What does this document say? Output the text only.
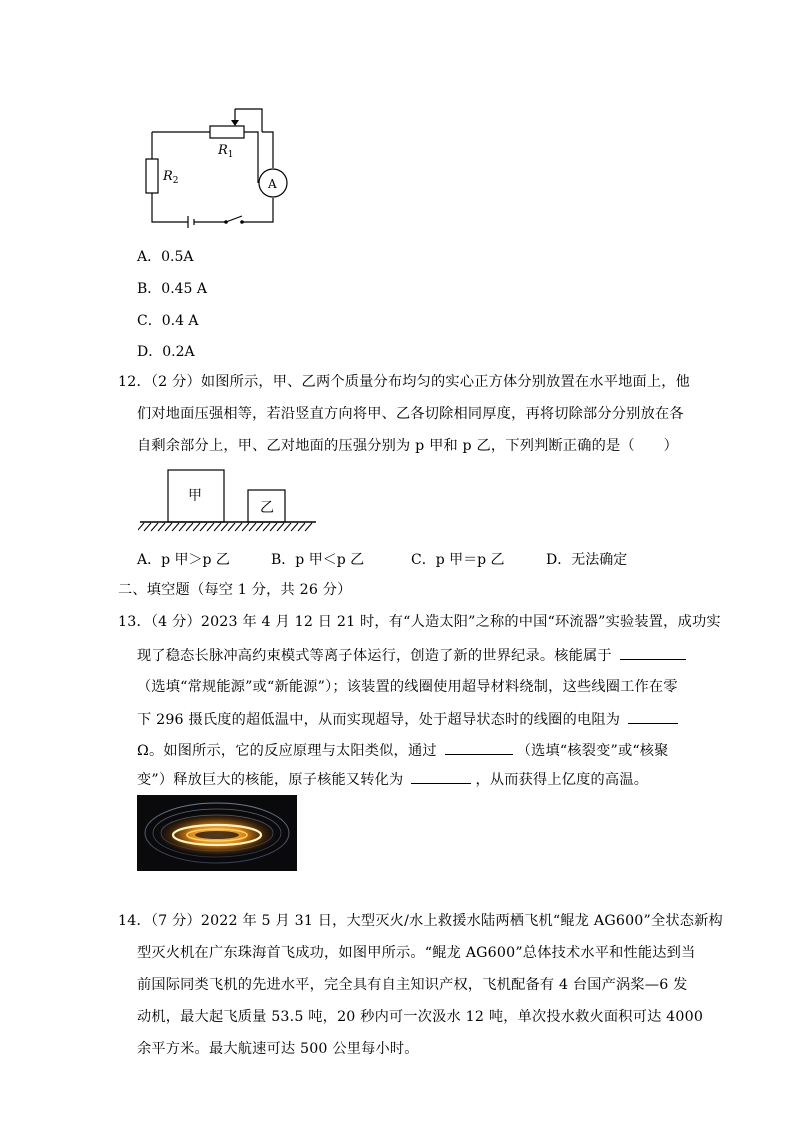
$R_1$
$R_2$	A
A．0.5A
B．0.45 A
C．0.4 A
D．0.2A
12．（2 分）如图所示，甲、乙两个质量分布均匀的实心正方体分别放置在水平地面上，他
们对地面压强相等，若沿竖直方向将甲、乙各切除相同厚度，再将切除部分分别放在各
自剩余部分上，甲、乙对地面的压强分别为 p 甲和 p 乙，下列判断正确的是（　　）
甲
乙
A．p 甲＞p 乙	B．p 甲＜p 乙	C．p 甲＝p 乙	D．无法确定
二、填空题（每空 1 分，共 26 分）
13．（4 分）2023 年 4 月 12 日 21 时，有“人造太阳”之称的中国“环流器”实验装置，成功实
现了稳态长脉冲高约束模式等离子体运行，创造了新的世界纪录。核能属于
（选填“常规能源”或“新能源”）；该装置的线圈使用超导材料绕制，这些线圈工作在零
下 296 摄氏度的超低温中，从而实现超导，处于超导状态时的线圈的电阻为
Ω。如图所示，它的反应原理与太阳类似，通过	（选填“核裂变”或“核聚
变”）释放巨大的核能，原子核能又转化为	，从而获得上亿度的高温。
14．（7 分）2022 年 5 月 31 日，大型灭火/水上救援水陆两栖飞机“鲲龙 AG600”全状态新构
型灭火机在广东珠海首飞成功，如图甲所示。“鲲龙 AG600”总体技术水平和性能达到当
前国际同类飞机的先进水平，完全具有自主知识产权，飞机配备有 4 台国产涡桨—6 发
动机，最大起飞质量 53.5 吨，20 秒内可一次汲水 12 吨，单次投水救火面积可达 4000
余平方米。最大航速可达 500 公里每小时。
